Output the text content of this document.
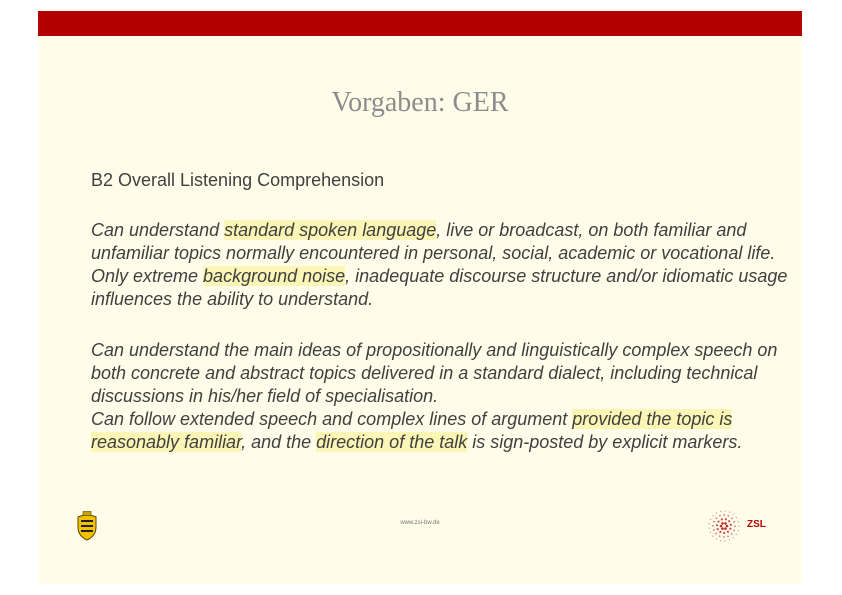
Vorgaben: GER
B2 Overall Listening Comprehension

Can understand standard spoken language, live or broadcast, on both familiar and unfamiliar topics normally encountered in personal, social, academic or vocational life. Only extreme background noise, inadequate discourse structure and/or idiomatic usage influences the ability to understand.

Can understand the main ideas of propositionally and linguistically complex speech on both concrete and abstract topics delivered in a standard dialect, including technical discussions in his/her field of specialisation.
Can follow extended speech and complex lines of argument provided the topic is reasonably familiar, and the direction of the talk is sign-posted by explicit markers.

www.zsl-bw.de	ZSL
